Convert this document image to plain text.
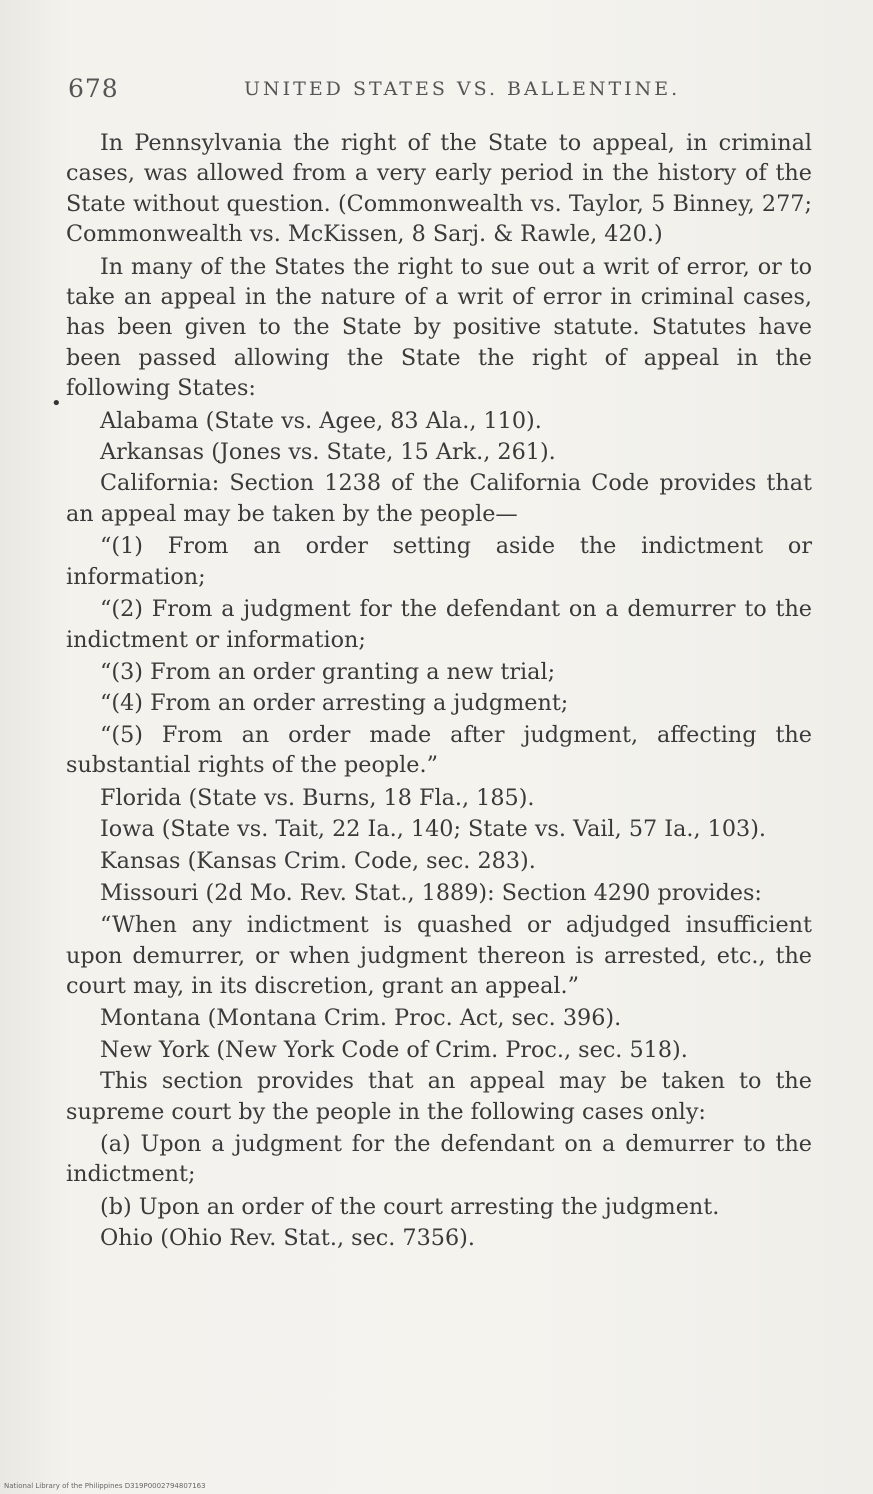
678	UNITED STATES VS. BALLENTINE.
•

In Pennsylvania the right of the State to appeal, in criminal cases, was allowed from a very early period in the history of the State without question. (Commonwealth vs. Taylor, 5 Binney, 277; Commonwealth vs. McKissen, 8 Sarj. & Rawle, 420.)

In many of the States the right to sue out a writ of error, or to take an appeal in the nature of a writ of error in criminal cases, has been given to the State by positive statute. Statutes have been passed allowing the State the right of appeal in the following States:

Alabama (State vs. Agee, 83 Ala., 110).

Arkansas (Jones vs. State, 15 Ark., 261).

California: Section 1238 of the California Code provides that an appeal may be taken by the people—

“(1) From an order setting aside the indictment or information;

“(2) From a judgment for the defendant on a demurrer to the indictment or information;

“(3) From an order granting a new trial;

“(4) From an order arresting a judgment;

“(5) From an order made after judgment, affecting the substantial rights of the people.”

Florida (State vs. Burns, 18 Fla., 185).

Iowa (State vs. Tait, 22 Ia., 140; State vs. Vail, 57 Ia., 103).

Kansas (Kansas Crim. Code, sec. 283).

Missouri (2d Mo. Rev. Stat., 1889): Section 4290 provides:

“When any indictment is quashed or adjudged insufficient upon demurrer, or when judgment thereon is arrested, etc., the court may, in its discretion, grant an appeal.”

Montana (Montana Crim. Proc. Act, sec. 396).

New York (New York Code of Crim. Proc., sec. 518).

This section provides that an appeal may be taken to the supreme court by the people in the following cases only:

(a) Upon a judgment for the defendant on a demurrer to the indictment;

(b) Upon an order of the court arresting the judgment.

Ohio (Ohio Rev. Stat., sec. 7356).

National Library of the Philippines D319P0002794807163
